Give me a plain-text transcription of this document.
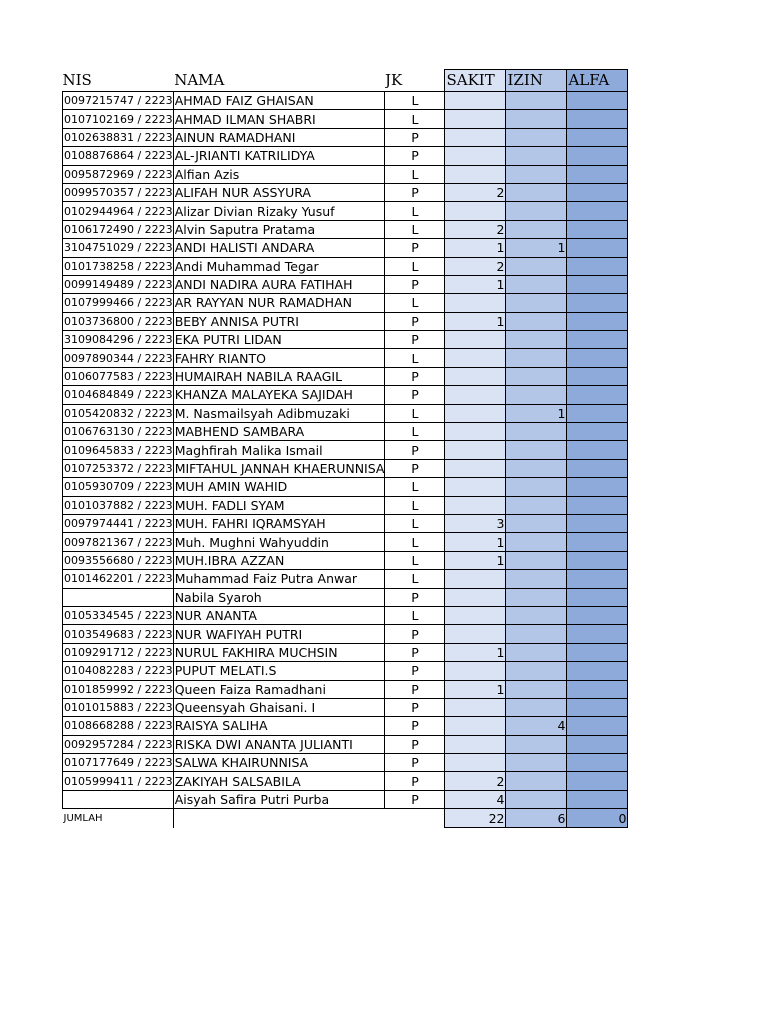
NIS	NAMA	JK	SAKIT	IZIN	ALFA
0097215747 / 2223	AHMAD FAIZ GHAISAN	L			
0107102169 / 2223	AHMAD ILMAN SHABRI	L			
0102638831 / 2223	AINUN RAMADHANI	P			
0108876864 / 2223	AL-JRIANTI KATRILIDYA	P			
0095872969 / 2223	Alfian Azis	L			
0099570357 / 2223	ALIFAH NUR ASSYURA	P	2		
0102944964 / 2223	Alizar Divian Rizaky Yusuf	L			
0106172490 / 2223	Alvin Saputra Pratama	L	2		
3104751029 / 2223	ANDI HALISTI ANDARA	P	1	1	
0101738258 / 2223	Andi Muhammad Tegar	L	2		
0099149489 / 2223	ANDI NADIRA AURA FATIHAH	P	1		
0107999466 / 2223	AR RAYYAN NUR RAMADHAN	L			
0103736800 / 2223	BEBY ANNISA PUTRI	P	1		
3109084296 / 2223	EKA PUTRI LIDAN	P			
0097890344 / 2223	FAHRY RIANTO	L			
0106077583 / 2223	HUMAIRAH NABILA RAAGIL	P			
0104684849 / 2223	KHANZA MALAYEKA SAJIDAH	P			
0105420832 / 2223	M. Nasmailsyah Adibmuzaki	L		1	
0106763130 / 2223	MABHEND SAMBARA	L			
0109645833 / 2223	Maghfirah Malika Ismail	P			
0107253372 / 2223	MIFTAHUL JANNAH KHAERUNNISA	P			
0105930709 / 2223	MUH AMIN WAHID	L			
0101037882 / 2223	MUH. FADLI SYAM	L			
0097974441 / 2223	MUH. FAHRI IQRAMSYAH	L	3		
0097821367 / 2223	Muh. Mughni Wahyuddin	L	1		
0093556680 / 2223	MUH.IBRA AZZAN	L	1		
0101462201 / 2223	Muhammad Faiz Putra Anwar	L			
	Nabila Syaroh	P			
0105334545 / 2223	NUR ANANTA	L			
0103549683 / 2223	NUR WAFIYAH PUTRI	P			
0109291712 / 2223	NURUL FAKHIRA MUCHSIN	P	1		
0104082283 / 2223	PUPUT MELATI.S	P			
0101859992 / 2223	Queen Faiza Ramadhani	P	1		
0101015883 / 2223	Queensyah Ghaisani. I	P			
0108668288 / 2223	RAISYA SALIHA	P		4	
0092957284 / 2223	RISKA DWI ANANTA JULIANTI	P			
0107177649 / 2223	SALWA KHAIRUNNISA	P			
0105999411 / 2223	ZAKIYAH SALSABILA	P	2		
	Aisyah Safira Putri Purba	P	4		
JUMLAH			22	6	0
